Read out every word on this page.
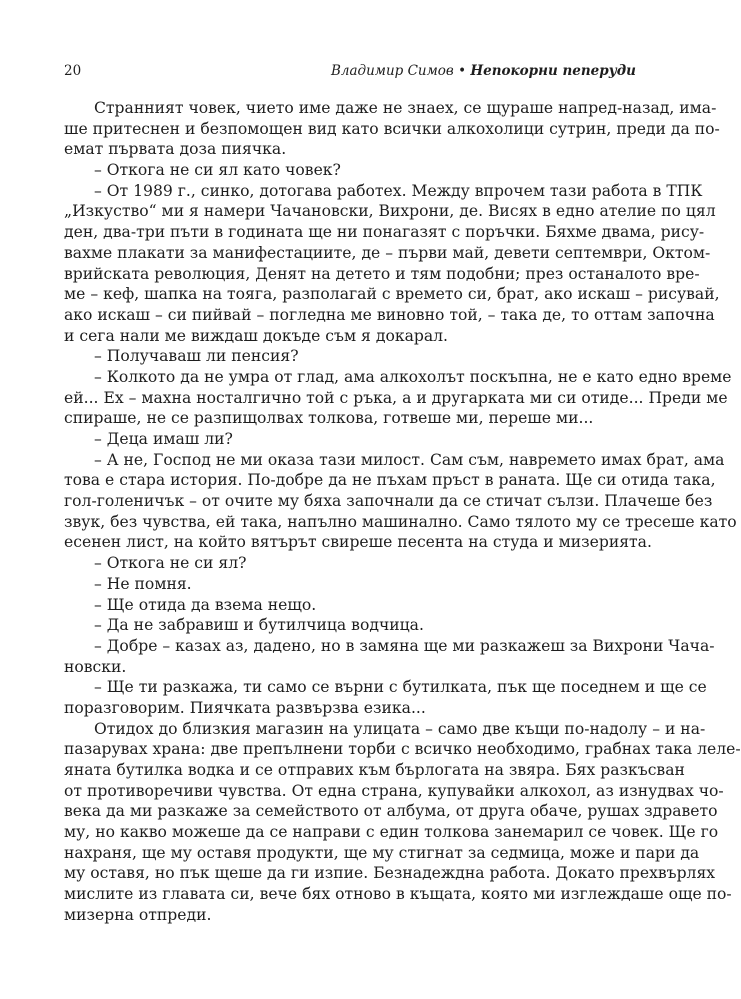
20	Владимир Симов • Непокорни пеперуди
Странният човек, чието име даже не знаех, се щураше напред-назад, има-
ше притеснен и безпомощен вид като всички алкохолици сутрин, преди да по-
емат първата доза пиячка.
– Откога не си ял като човек?
– От 1989 г., синко, дотогава работех. Между впрочем тази работа в ТПК
„Изкуство“ ми я намери Чачановски, Вихрони, де. Висях в едно ателие по цял
ден, два-три пъти в годината ще ни понагазят с поръчки. Бяхме двама, рису-
вахме плакати за манифестациите, де – първи май, девети септември, Октом-
врийската революция, Денят на детето и тям подобни; през останалото вре-
ме – кеф, шапка на тояга, разполагай с времето си, брат, ако искаш – рисувай,
ако искаш – си пийвай – погледна ме виновно той, – така де, то оттам започна
и сега нали ме виждаш докъде съм я докарал.
– Получаваш ли пенсия?
– Колкото да не умра от глад, ама алкохолът поскъпна, не е като едно време
ей... Ех – махна носталгично той с ръка, а и другарката ми си отиде... Преди ме
спираше, не се разпищолвах толкова, готвеше ми, переше ми...
– Деца имаш ли?
– А не, Господ не ми оказа тази милост. Сам съм, навремето имах брат, ама
това е стара история. По-добре да не пъхам пръст в раната. Ще си отида така,
гол-голеничък – от очите му бяха започнали да се стичат сълзи. Плачеше без
звук, без чувства, ей така, напълно машинално. Само тялото му се тресеше като
есенен лист, на който вятърът свиреше песента на студа и мизерията.
– Откога не си ял?
– Не помня.
– Ще отида да взема нещо.
– Да не забравиш и бутилчица водчица.
– Добре – казах аз, дадено, но в замяна ще ми разкажеш за Вихрони Чача-
новски.
– Ще ти разкажа, ти само се върни с бутилката, пък ще поседнем и ще се
поразговорим. Пиячката развързва езика...
Отидох до близкия магазин на улицата – само две къщи по-надолу – и на-
пазарувах храна: две препълнени торби с всичко необходимо, грабнах така леле-
яната бутилка водка и се отправих към бърлогата на звяра. Бях разкъсван
от противоречиви чувства. От една страна, купувайки алкохол, аз изнудвах чо-
века да ми разкаже за семейството от албума, от друга обаче, рушах здравето
му, но какво можеше да се направи с един толкова занемарил се човек. Ще го
нахраня, ще му оставя продукти, ще му стигнат за седмица, може и пари да
му оставя, но пък щеше да ги изпие. Безнадеждна работа. Докато прехвърлях
мислите из главата си, вече бях отново в къщата, която ми изглеждаше още по-
мизерна отпреди.
